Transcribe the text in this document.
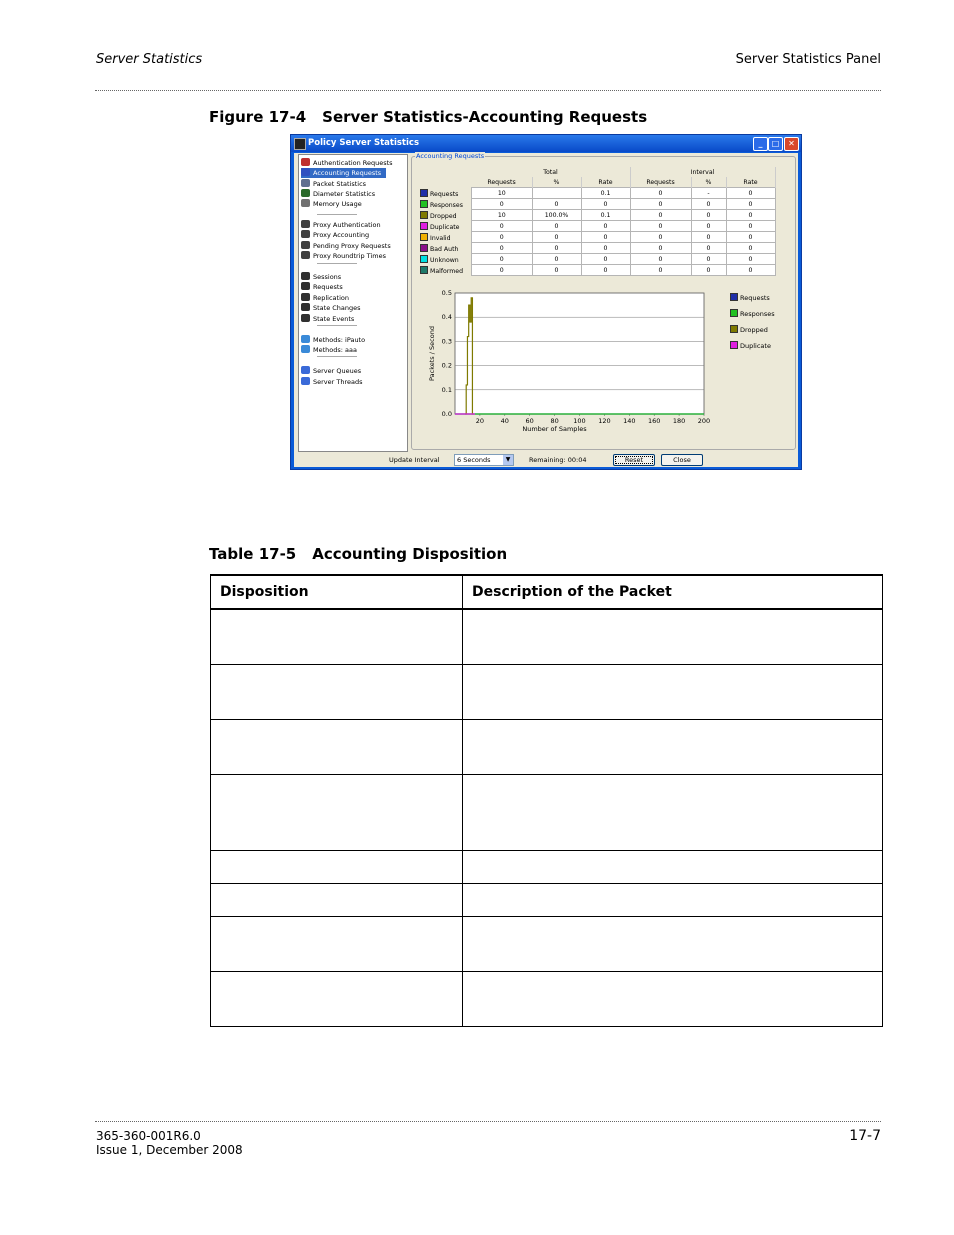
Server Statistics	Server Statistics Panel
Figure 17-4 Server Statistics-Accounting Requests
Policy Server Statistics	_	□	✕
Authentication Requests
Accounting Requests
Packet Statistics
Diameter Statistics
Memory Usage
Proxy Authentication
Proxy Accounting
Pending Proxy Requests
Proxy Roundtrip Times
Sessions
Requests
Replication
State Changes
State Events
Methods: iPauto
Methods: aaa
Server Queues
Server Threads
Accounting Requests
	Total			Interval		
	Requests	%	Rate	Requests	%	Rate
Requests	10		0.1	0	-	0
Responses	0	0	0	0	0	0
Dropped	10	100.0%	0.1	0	0	0
Duplicate	0	0	0	0	0	0
Invalid	0	0	0	0	0	0
Bad Auth	0	0	0	0	0	0
Unknown	0	0	0	0	0	0
Malformed	0	0	0	0	0	0
0.0
0.1
0.2
0.3
0.4
0.5
20	40	60	80 100 120 140 160 180 200
Number of Samples
Packets / Second
Requests
Responses
Dropped
Duplicate
Update Interval	6 Seconds	▼	Remaining: 00:04	Reset	Close
Table 17-5 Accounting Disposition
Disposition	Description of the Packet

365-360-001R6.0
Issue 1, December 2008
17-7
